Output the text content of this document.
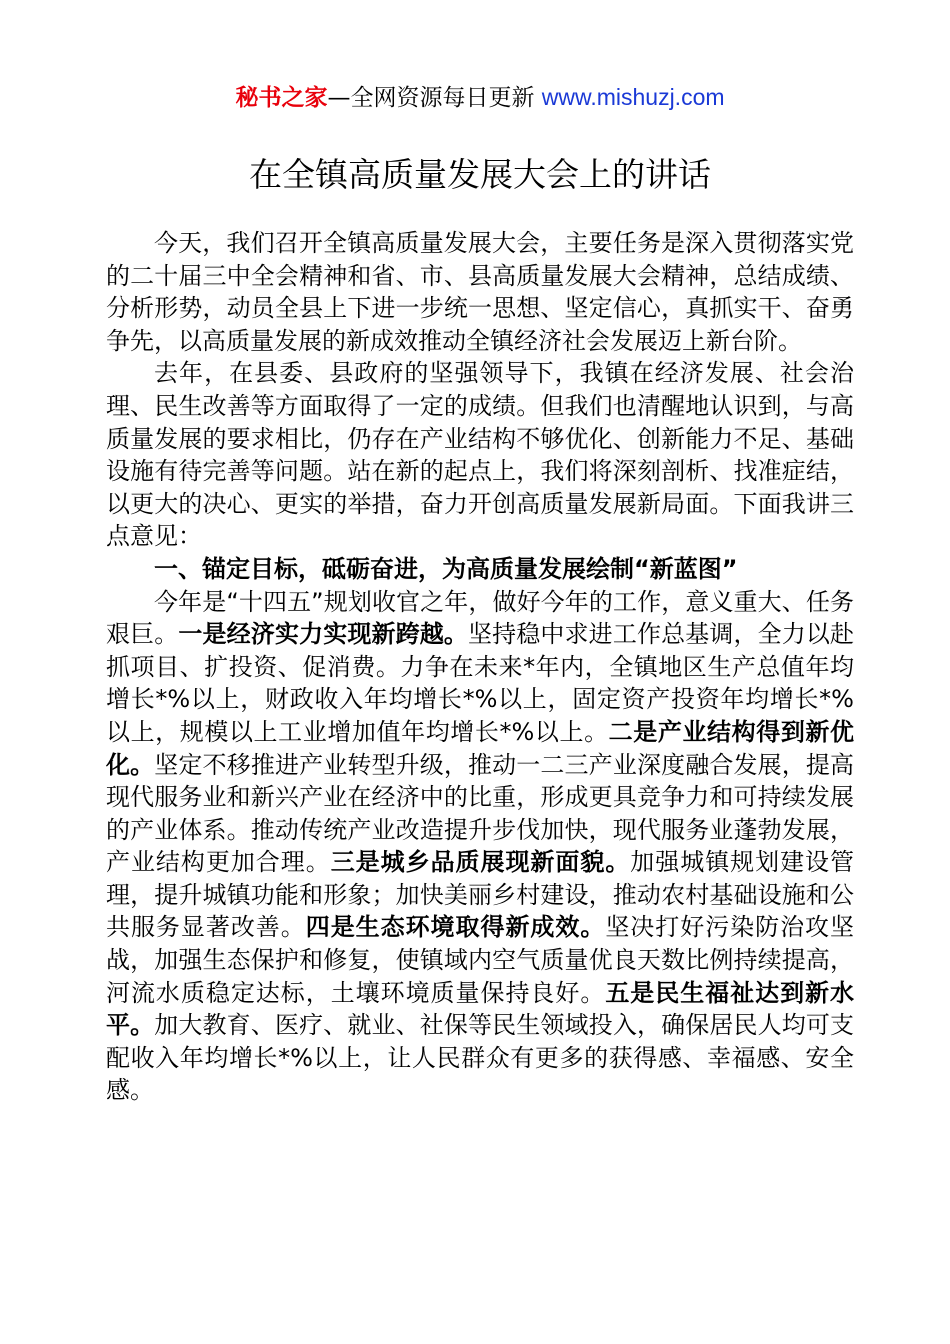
秘书之家—全网资源每日更新 www.mishuzj.com
在全镇高质量发展大会上的讲话

今天，我们召开全镇高质量发展大会，主要任务是深入贯彻落实党的二十届三中全会精神和省、市、县高质量发展大会精神，总结成绩、分析形势，动员全县上下进一步统一思想、坚定信心，真抓实干、奋勇争先，以高质量发展的新成效推动全镇经济社会发展迈上新台阶。

去年，在县委、县政府的坚强领导下，我镇在经济发展、社会治理、民生改善等方面取得了一定的成绩。但我们也清醒地认识到，与高质量发展的要求相比，仍存在产业结构不够优化、创新能力不足、基础设施有待完善等问题。站在新的起点上，我们将深刻剖析、找准症结，以更大的决心、更实的举措，奋力开创高质量发展新局面。下面我讲三点意见：

一、锚定目标，砥砺奋进，为高质量发展绘制“新蓝图”

今年是“十四五”规划收官之年，做好今年的工作，意义重大、任务艰巨。一是经济实力实现新跨越。坚持稳中求进工作总基调，全力以赴抓项目、扩投资、促消费。力争在未来*年内，全镇地区生产总值年均增长*%以上，财政收入年均增长*%以上，固定资产投资年均增长*%以上，规模以上工业增加值年均增长*%以上。二是产业结构得到新优化。坚定不移推进产业转型升级，推动一二三产业深度融合发展，提高现代服务业和新兴产业在经济中的比重，形成更具竞争力和可持续发展的产业体系。推动传统产业改造提升步伐加快，现代服务业蓬勃发展，产业结构更加合理。三是城乡品质展现新面貌。加强城镇规划建设管理，提升城镇功能和形象；加快美丽乡村建设，推动农村基础设施和公共服务显著改善。四是生态环境取得新成效。坚决打好污染防治攻坚战，加强生态保护和修复，使镇域内空气质量优良天数比例持续提高，河流水质稳定达标，土壤环境质量保持良好。五是民生福祉达到新水平。加大教育、医疗、就业、社保等民生领域投入，确保居民人均可支配收入年均增长*%以上，让人民群众有更多的获得感、幸福感、安全感。
